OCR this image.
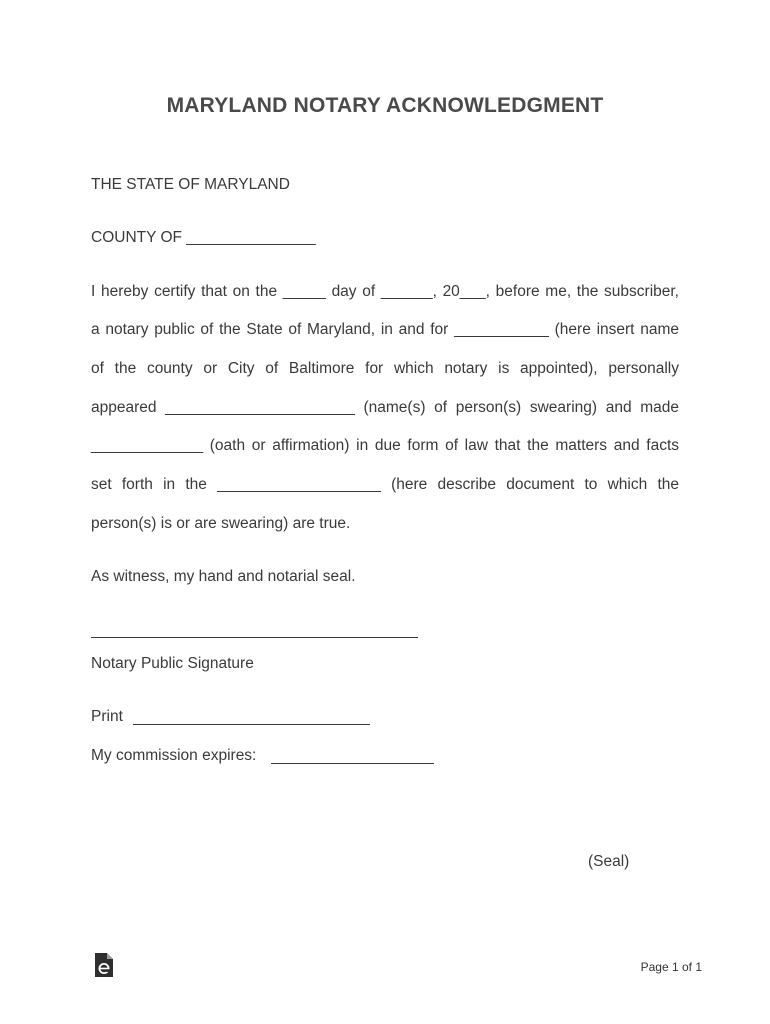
MARYLAND NOTARY ACKNOWLEDGMENT
THE STATE OF MARYLAND
COUNTY OF _______________
I hereby certify that on the _____ day of ______, 20___, before me, the subscriber,
a notary public of the State of Maryland, in and for ___________ (here insert name
of the county or City of Baltimore for which notary is appointed), personally
appeared ______________________ (name(s) of person(s) swearing) and made
_____________ (oath or affirmation) in due form of law that the matters and facts
set forth in the ___________________ (here describe document to which the
person(s) is or are swearing) are true.
As witness, my hand and notarial seal.
Notary Public Signature
Print
My commission expires:
(Seal)
Page 1 of 1
